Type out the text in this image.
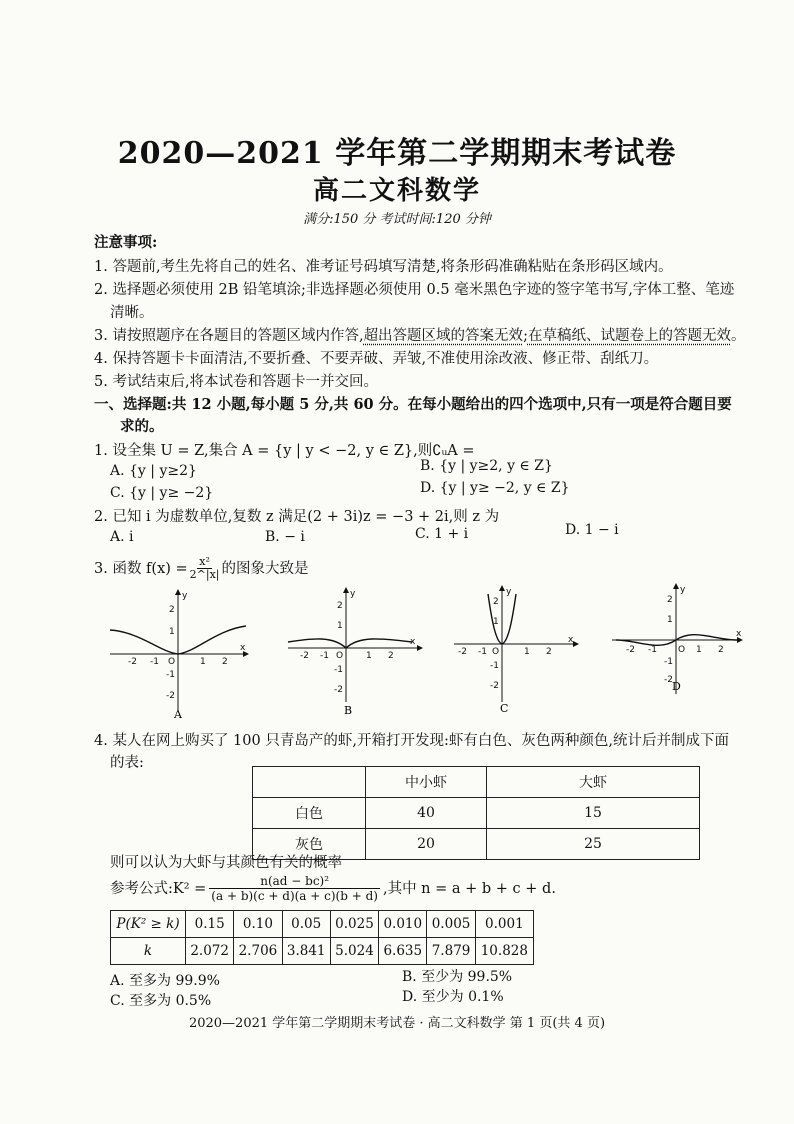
2020—2021 学年第二学期期末考试卷
高二文科数学
满分:150 分 考试时间:120 分钟
注意事项:
1. 答题前,考生先将自己的姓名、准考证号码填写清楚,将条形码准确粘贴在条形码区域内。
2. 选择题必须使用 2B 铅笔填涂;非选择题必须使用 0.5 毫米黑色字迹的签字笔书写,字体工整、笔迹
清晰。
3. 请按照题序在各题目的答题区域内作答,超出答题区域的答案无效;在草稿纸、试题卷上的答题无效。
4. 保持答题卡卡面清洁,不要折叠、不要弄破、弄皱,不准使用涂改液、修正带、刮纸刀。
5. 考试结束后,将本试卷和答题卡一并交回。
一、选择题:共 12 小题,每小题 5 分,共 60 分。在每小题给出的四个选项中,只有一项是符合题目要
求的。
1. 设全集 U = Z,集合 A = {y | y < −2, y ∈ Z},则∁ᵤA =
A. {y | y≥2}	B. {y | y≥2, y ∈ Z}
C. {y | y≥ −2}	D. {y | y≥ −2, y ∈ Z}
2. 已知 i 为虚数单位,复数 z 满足(2 + 3i)z = −3 + 2i,则 z 为
A. i	B. − i	C. 1 + i	D. 1 − i
3. 函数 $f(x) = \frac{\text{x²}}{2\^{}|x|}$ 的图象大致是
-2 -1 O	1 2
x
2
1
-1
-2
y
A
-2 -1 O	1 2
x
2
1
-1
-2
y
B
-2 -1 O	1 2
x
2
1
-1
-2
y
C
-2 -1 O 1 2
x
2
1
-1
-2
y
D
4. 某人在网上购买了 100 只青岛产的虾,开箱打开发现:虾有白色、灰色两种颜色,统计后并制成下面
的表:
	中小虾	大虾
白色	40	15
灰色	20	25
则可以认为大虾与其颜色有关的概率
参考公式:K² = $\frac{\text{n(ad − bc)²}}{(a + b)(c + d)(a + c)(b + d)}$ ,其中 n = a + b + c + d.
P(K² ≥ k)	0.15	0.10	0.05	0.025	0.010	0.005	0.001
k	2.072	2.706	3.841	5.024	6.635	7.879	10.828
A. 至多为 99.9%	B. 至少为 99.5%
C. 至多为 0.5%	D. 至少为 0.1%
2020—2021 学年第二学期期末考试卷 · 高二文科数学 第 1 页(共 4 页)
